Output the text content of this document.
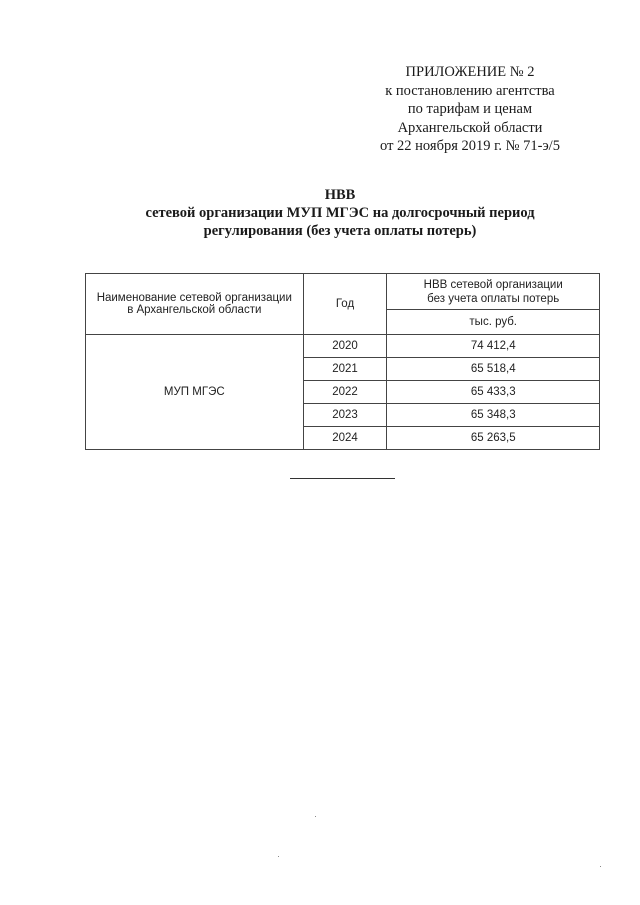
ПРИЛОЖЕНИЕ № 2
к постановлению агентства
по тарифам и ценам
Архангельской области
от 22 ноября 2019 г. № 71-э/5
НВВ
сетевой организации МУП МГЭС на долгосрочный период
регулирования (без учета оплаты потерь)
Наименование сетевой организации
в Архангельской области	Год	НВВ сетевой организации
без учета оплаты потерь
		тыс. руб.
МУП МГЭС	2020	74 412,4
	2021	65 518,4
	2022	65 433,3
	2023	65 348,3
	2024	65 263,5
